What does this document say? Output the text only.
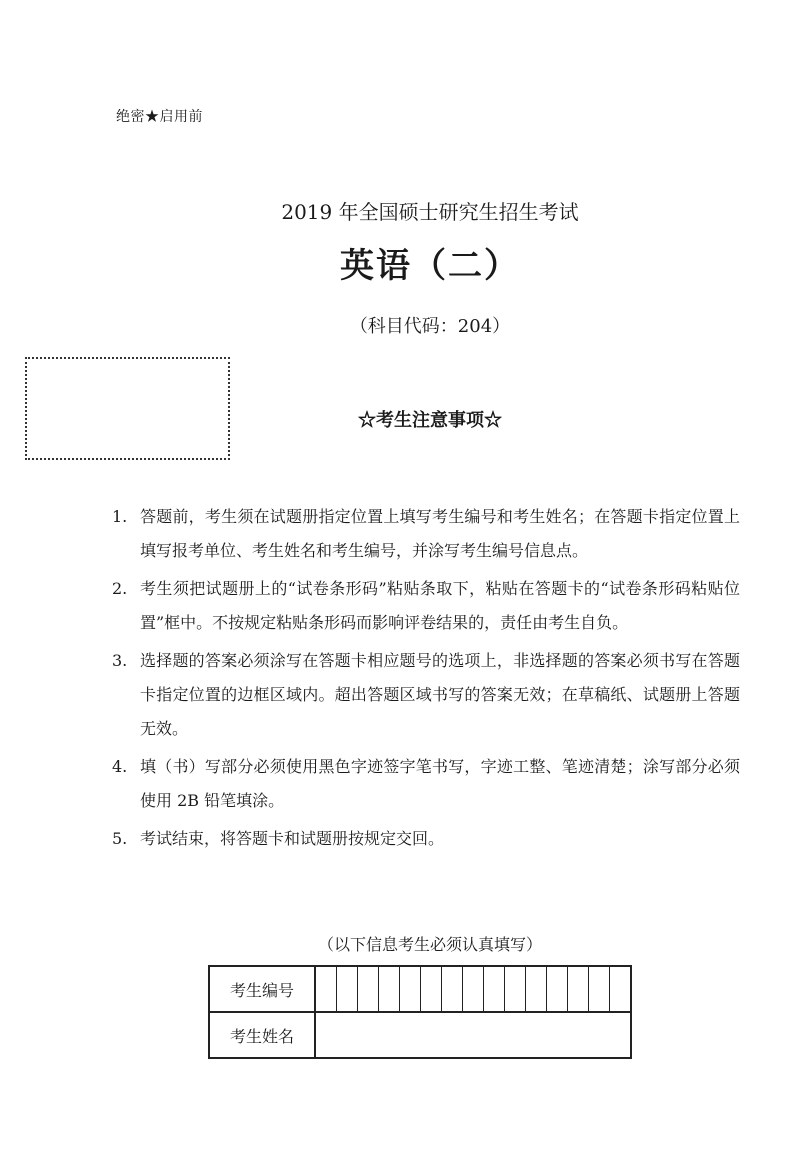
绝密★启用前
2019 年全国硕士研究生招生考试
英语（二）
（科目代码：204）
☆考生注意事项☆
1. 答题前，考生须在试题册指定位置上填写考生编号和考生姓名；在答题卡指定位置上填写报考单位、考生姓名和考生编号，并涂写考生编号信息点。
2. 考生须把试题册上的“试卷条形码”粘贴条取下，粘贴在答题卡的“试卷条形码粘贴位置”框中。不按规定粘贴条形码而影响评卷结果的，责任由考生自负。
3. 选择题的答案必须涂写在答题卡相应题号的选项上，非选择题的答案必须书写在答题卡指定位置的边框区域内。超出答题区域书写的答案无效；在草稿纸、试题册上答题无效。
4. 填（书）写部分必须使用黑色字迹签字笔书写，字迹工整、笔迹清楚；涂写部分必须使用 2B 铅笔填涂。
5. 考试结束，将答题卡和试题册按规定交回。
（以下信息考生必须认真填写）
考生编号															
考生姓名															
